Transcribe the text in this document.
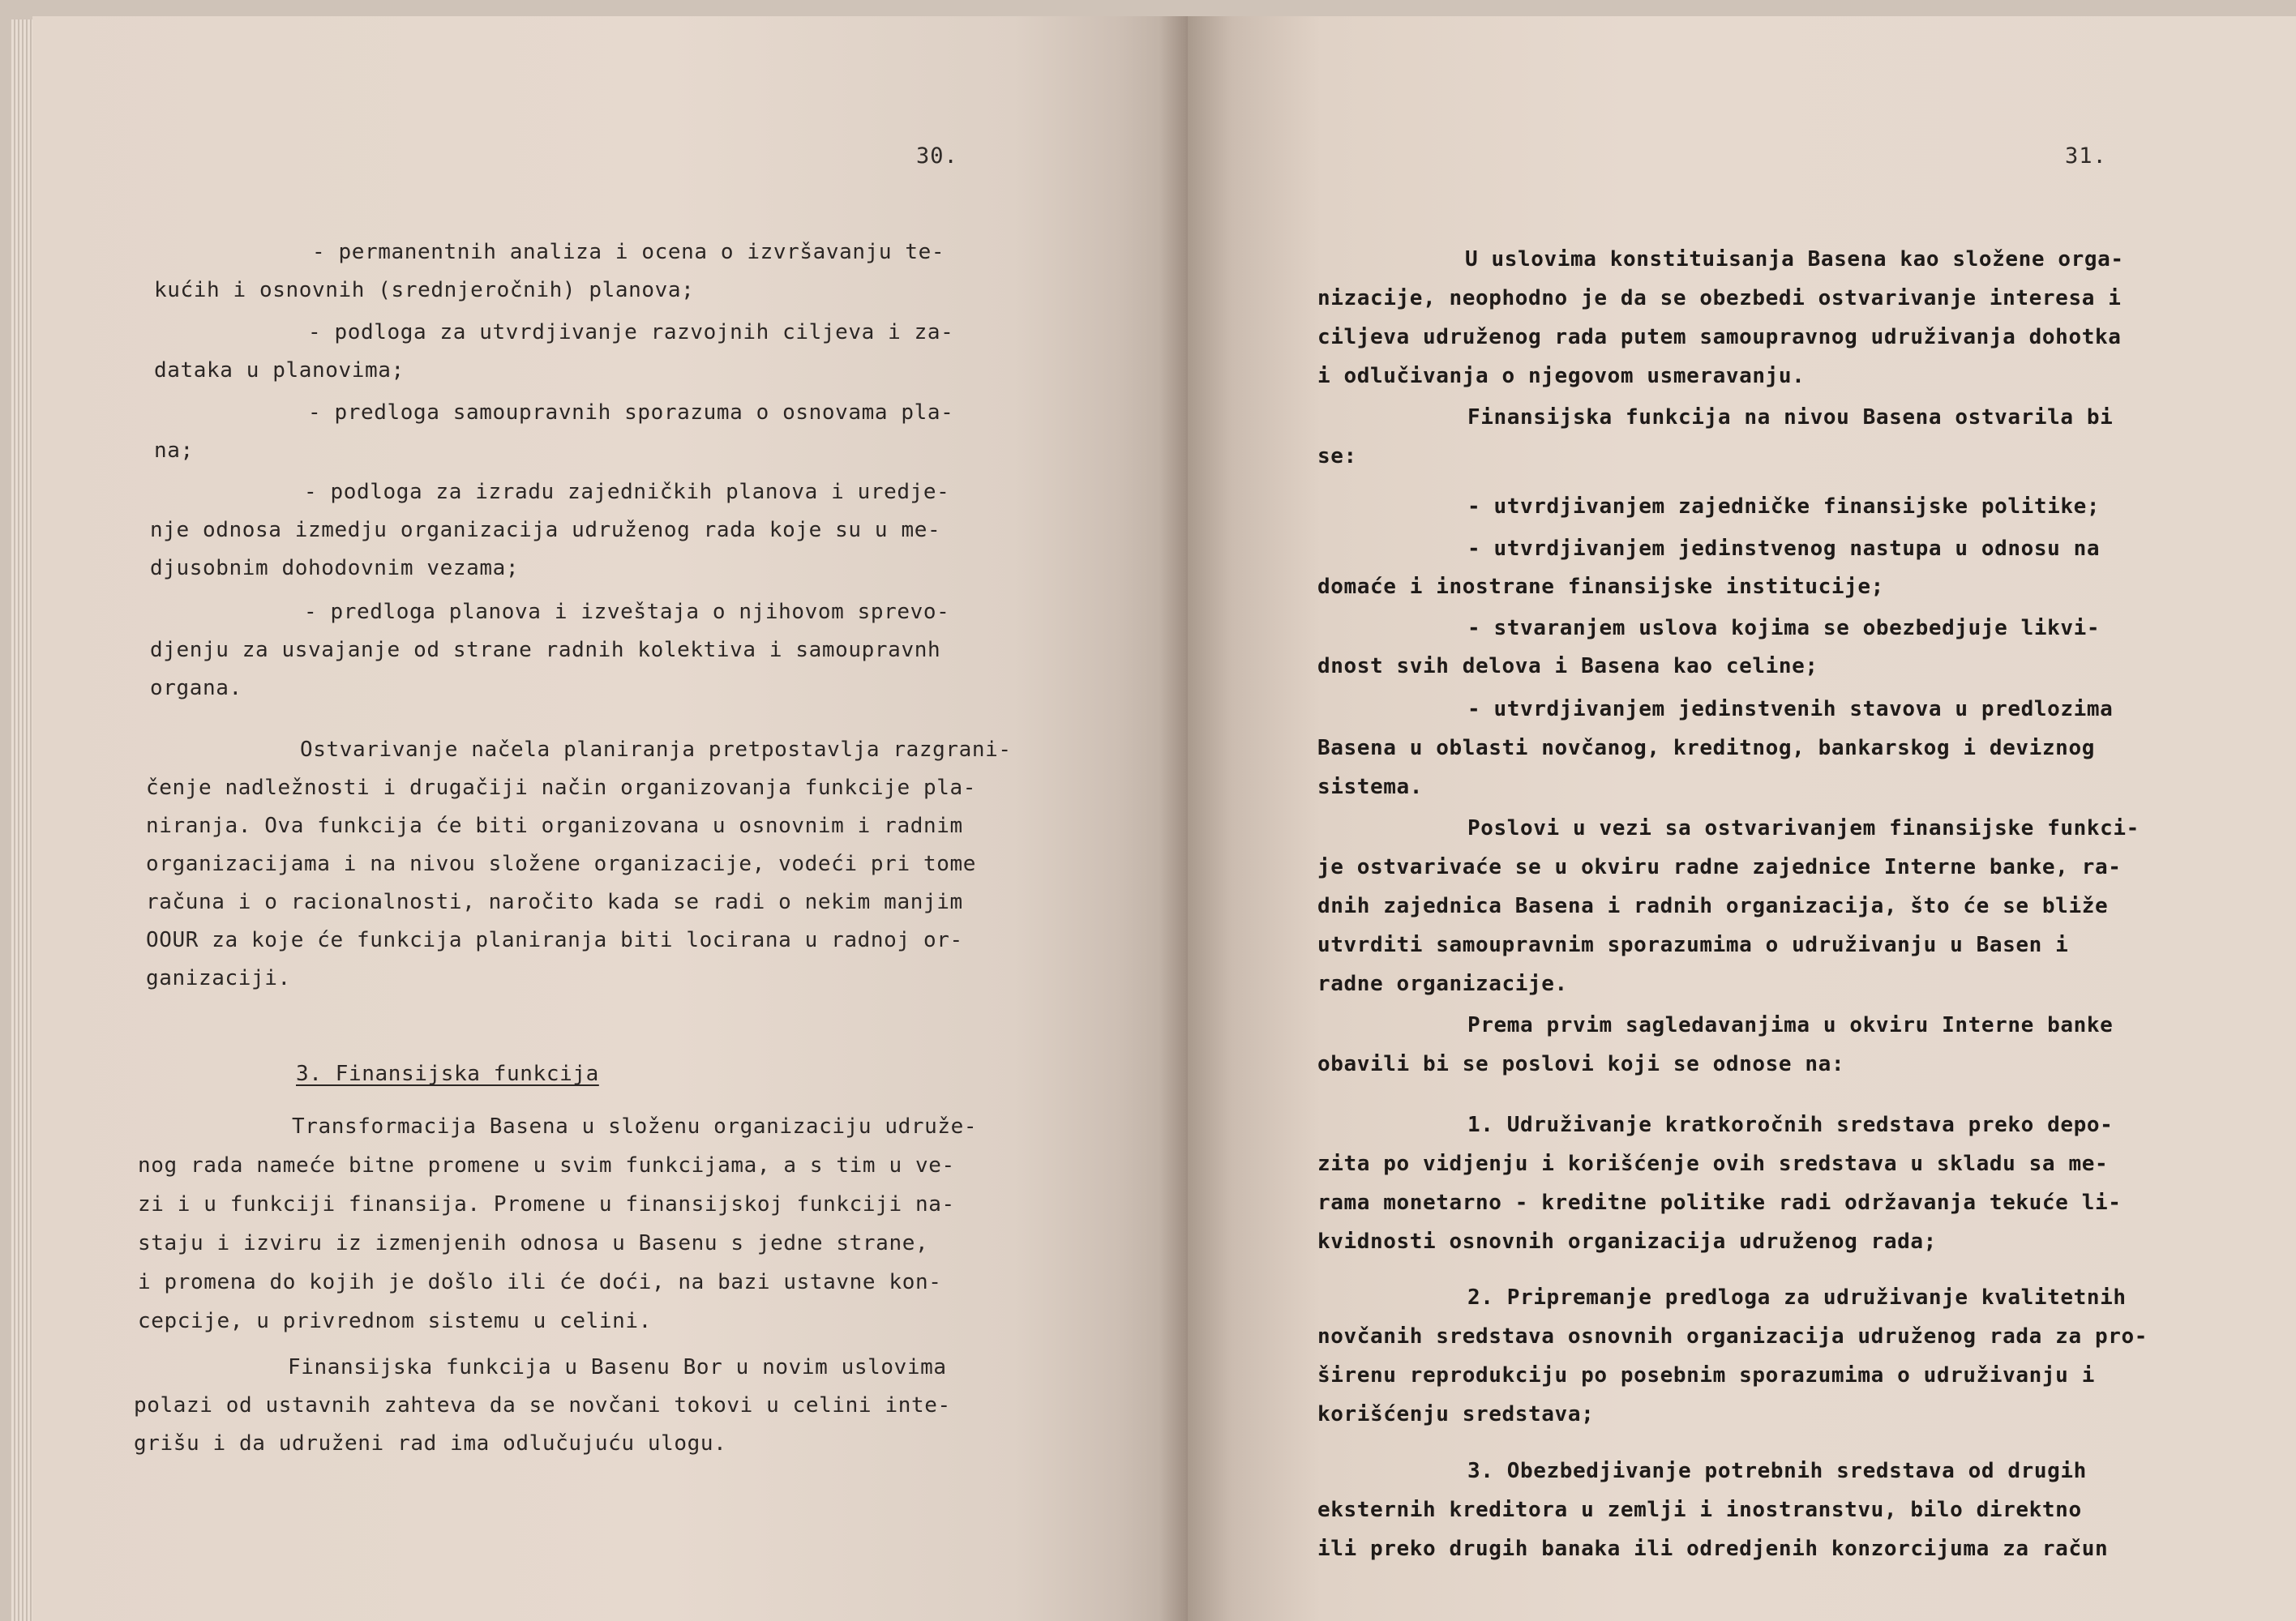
30.
- permanentnih analiza i ocena o izvršavanju te-
kućih i osnovnih (srednjeročnih) planova;
- podloga za utvrdjivanje razvojnih ciljeva i za-
dataka u planovima;
- predloga samoupravnih sporazuma o osnovama pla-
na;
- podloga za izradu zajedničkih planova i uredje-
nje odnosa izmedju organizacija udruženog rada koje su u me-
djusobnim dohodovnim vezama;
- predloga planova i izveštaja o njihovom sprevo-
djenju za usvajanje od strane radnih kolektiva i samoupravnh
organa.
Ostvarivanje načela planiranja pretpostavlja razgrani-
čenje nadležnosti i drugačiji način organizovanja funkcije pla-
niranja. Ova funkcija će biti organizovana u osnovnim i radnim
organizacijama i na nivou složene organizacije, vodeći pri tome
računa i o racionalnosti, naročito kada se radi o nekim manjim
OOUR za koje će funkcija planiranja biti locirana u radnoj or-
ganizaciji.
3. Finansijska funkcija
Transformacija Basena u složenu organizaciju udruže-
nog rada nameće bitne promene u svim funkcijama, a s tim u ve-
zi i u funkciji finansija. Promene u finansijskoj funkciji na-
staju i izviru iz izmenjenih odnosa u Basenu s jedne strane,
i promena do kojih je došlo ili će doći, na bazi ustavne kon-
cepcije, u privrednom sistemu u celini.
Finansijska funkcija u Basenu Bor u novim uslovima
polazi od ustavnih zahteva da se novčani tokovi u celini inte-
grišu i da udruženi rad ima odlučujuću ulogu.
31.
U uslovima konstituisanja Basena kao složene orga-
nizacije, neophodno je da se obezbedi ostvarivanje interesa i
ciljeva udruženog rada putem samoupravnog udruživanja dohotka
i odlučivanja o njegovom usmeravanju.
Finansijska funkcija na nivou Basena ostvarila bi
se:
- utvrdjivanjem zajedničke finansijske politike;
- utvrdjivanjem jedinstvenog nastupa u odnosu na
domaće i inostrane finansijske institucije;
- stvaranjem uslova kojima se obezbedjuje likvi-
dnost svih delova i Basena kao celine;
- utvrdjivanjem jedinstvenih stavova u predlozima
Basena u oblasti novčanog, kreditnog, bankarskog i deviznog
sistema.
Poslovi u vezi sa ostvarivanjem finansijske funkci-
je ostvarivaće se u okviru radne zajednice Interne banke, ra-
dnih zajednica Basena i radnih organizacija, što će se bliže
utvrditi samoupravnim sporazumima o udruživanju u Basen i
radne organizacije.
Prema prvim sagledavanjima u okviru Interne banke
obavili bi se poslovi koji se odnose na:
1. Udruživanje kratkoročnih sredstava preko depo-
zita po vidjenju i korišćenje ovih sredstava u skladu sa me-
rama monetarno - kreditne politike radi održavanja tekuće li-
kvidnosti osnovnih organizacija udruženog rada;
2. Pripremanje predloga za udruživanje kvalitetnih
novčanih sredstava osnovnih organizacija udruženog rada za pro-
širenu reprodukciju po posebnim sporazumima o udruživanju i
korišćenju sredstava;
3. Obezbedjivanje potrebnih sredstava od drugih
eksternih kreditora u zemlji i inostranstvu, bilo direktno
ili preko drugih banaka ili odredjenih konzorcijuma za račun
